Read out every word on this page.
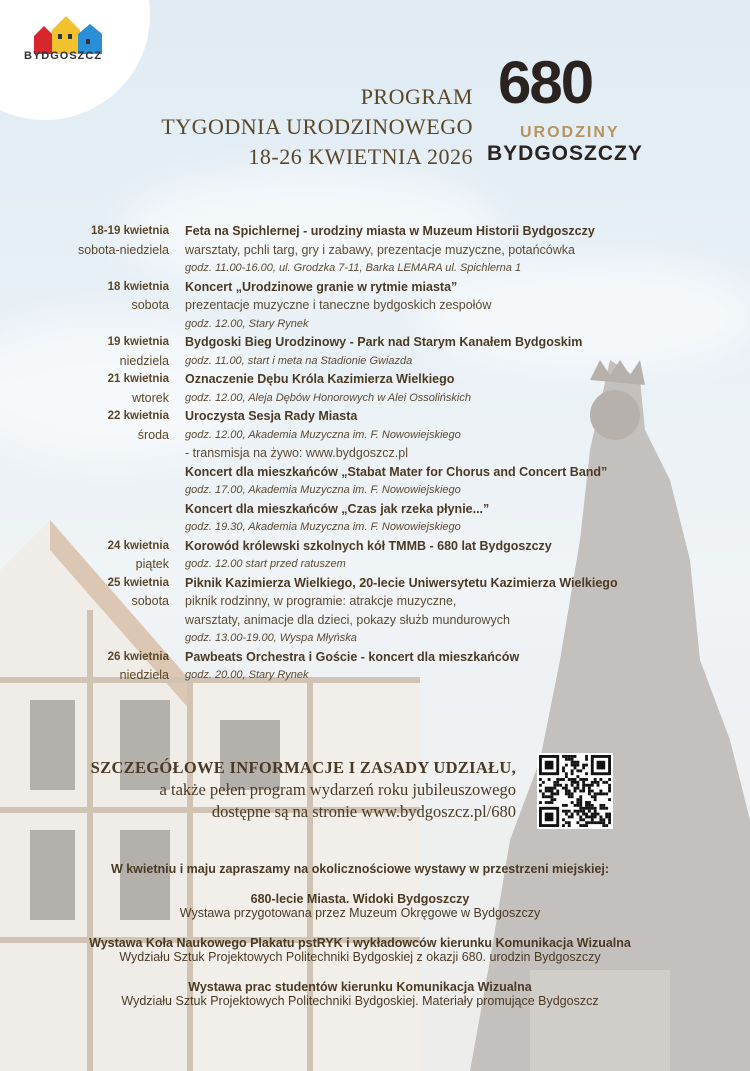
BYDGOSZCZ
PROGRAM
TYGODNIA URODZINOWEGO
18-26 KWIETNIA 2026
680
URODZINY
BYDGOSZCZY
18-19 kwietnia	Feta na Spichlernej - urodziny miasta w Muzeum Historii Bydgoszczy
sobota-niedziela	warsztaty, pchli targ, gry i zabawy, prezentacje muzyczne, potańcówka
godz. 11.00-16.00, ul. Grodzka 7-11, Barka LEMARA ul. Spichlerna 1
18 kwietnia	Koncert „Urodzinowe granie w rytmie miasta”
sobota	prezentacje muzyczne i taneczne bydgoskich zespołów
godz. 12.00, Stary Rynek
19 kwietnia	Bydgoski Bieg Urodzinowy - Park nad Starym Kanałem Bydgoskim
niedziela	godz. 11.00, start i meta na Stadionie Gwiazda
21 kwietnia	Oznaczenie Dębu Króla Kazimierza Wielkiego
wtorek	godz. 12.00, Aleja Dębów Honorowych w Alei Ossolińskich
22 kwietnia	Uroczysta Sesja Rady Miasta
środa	godz. 12.00, Akademia Muzyczna im. F. Nowowiejskiego
- transmisja na żywo: www.bydgoszcz.pl
Koncert dla mieszkańców „Stabat Mater for Chorus and Concert Band”
godz. 17.00, Akademia Muzyczna im. F. Nowowiejskiego
Koncert dla mieszkańców „Czas jak rzeka płynie...”
godz. 19.30, Akademia Muzyczna im. F. Nowowiejskiego
24 kwietnia	Korowód królewski szkolnych kół TMMB - 680 lat Bydgoszczy
piątek	godz. 12.00 start przed ratuszem
25 kwietnia	Piknik Kazimierza Wielkiego, 20-lecie Uniwersytetu Kazimierza Wielkiego
sobota	piknik rodzinny, w programie: atrakcje muzyczne,
warsztaty, animacje dla dzieci, pokazy służb mundurowych
godz. 13.00-19.00, Wyspa Młyńska
26 kwietnia	Pawbeats Orchestra i Goście - koncert dla mieszkańców
niedziela	godz. 20.00, Stary Rynek
SZCZEGÓŁOWE INFORMACJE I ZASADY UDZIAŁU,
a także pełen program wydarzeń roku jubileuszowego
dostępne są na stronie www.bydgoszcz.pl/680
W kwietniu i maju zapraszamy na okolicznościowe wystawy w przestrzeni miejskiej:
680-lecie Miasta. Widoki Bydgoszczy
Wystawa przygotowana przez Muzeum Okręgowe w Bydgoszczy
Wystawa Koła Naukowego Plakatu pstRYK i wykładowców kierunku Komunikacja Wizualna
Wydziału Sztuk Projektowych Politechniki Bydgoskiej z okazji 680. urodzin Bydgoszczy
Wystawa prac studentów kierunku Komunikacja Wizualna
Wydziału Sztuk Projektowych Politechniki Bydgoskiej. Materiały promujące Bydgoszcz
